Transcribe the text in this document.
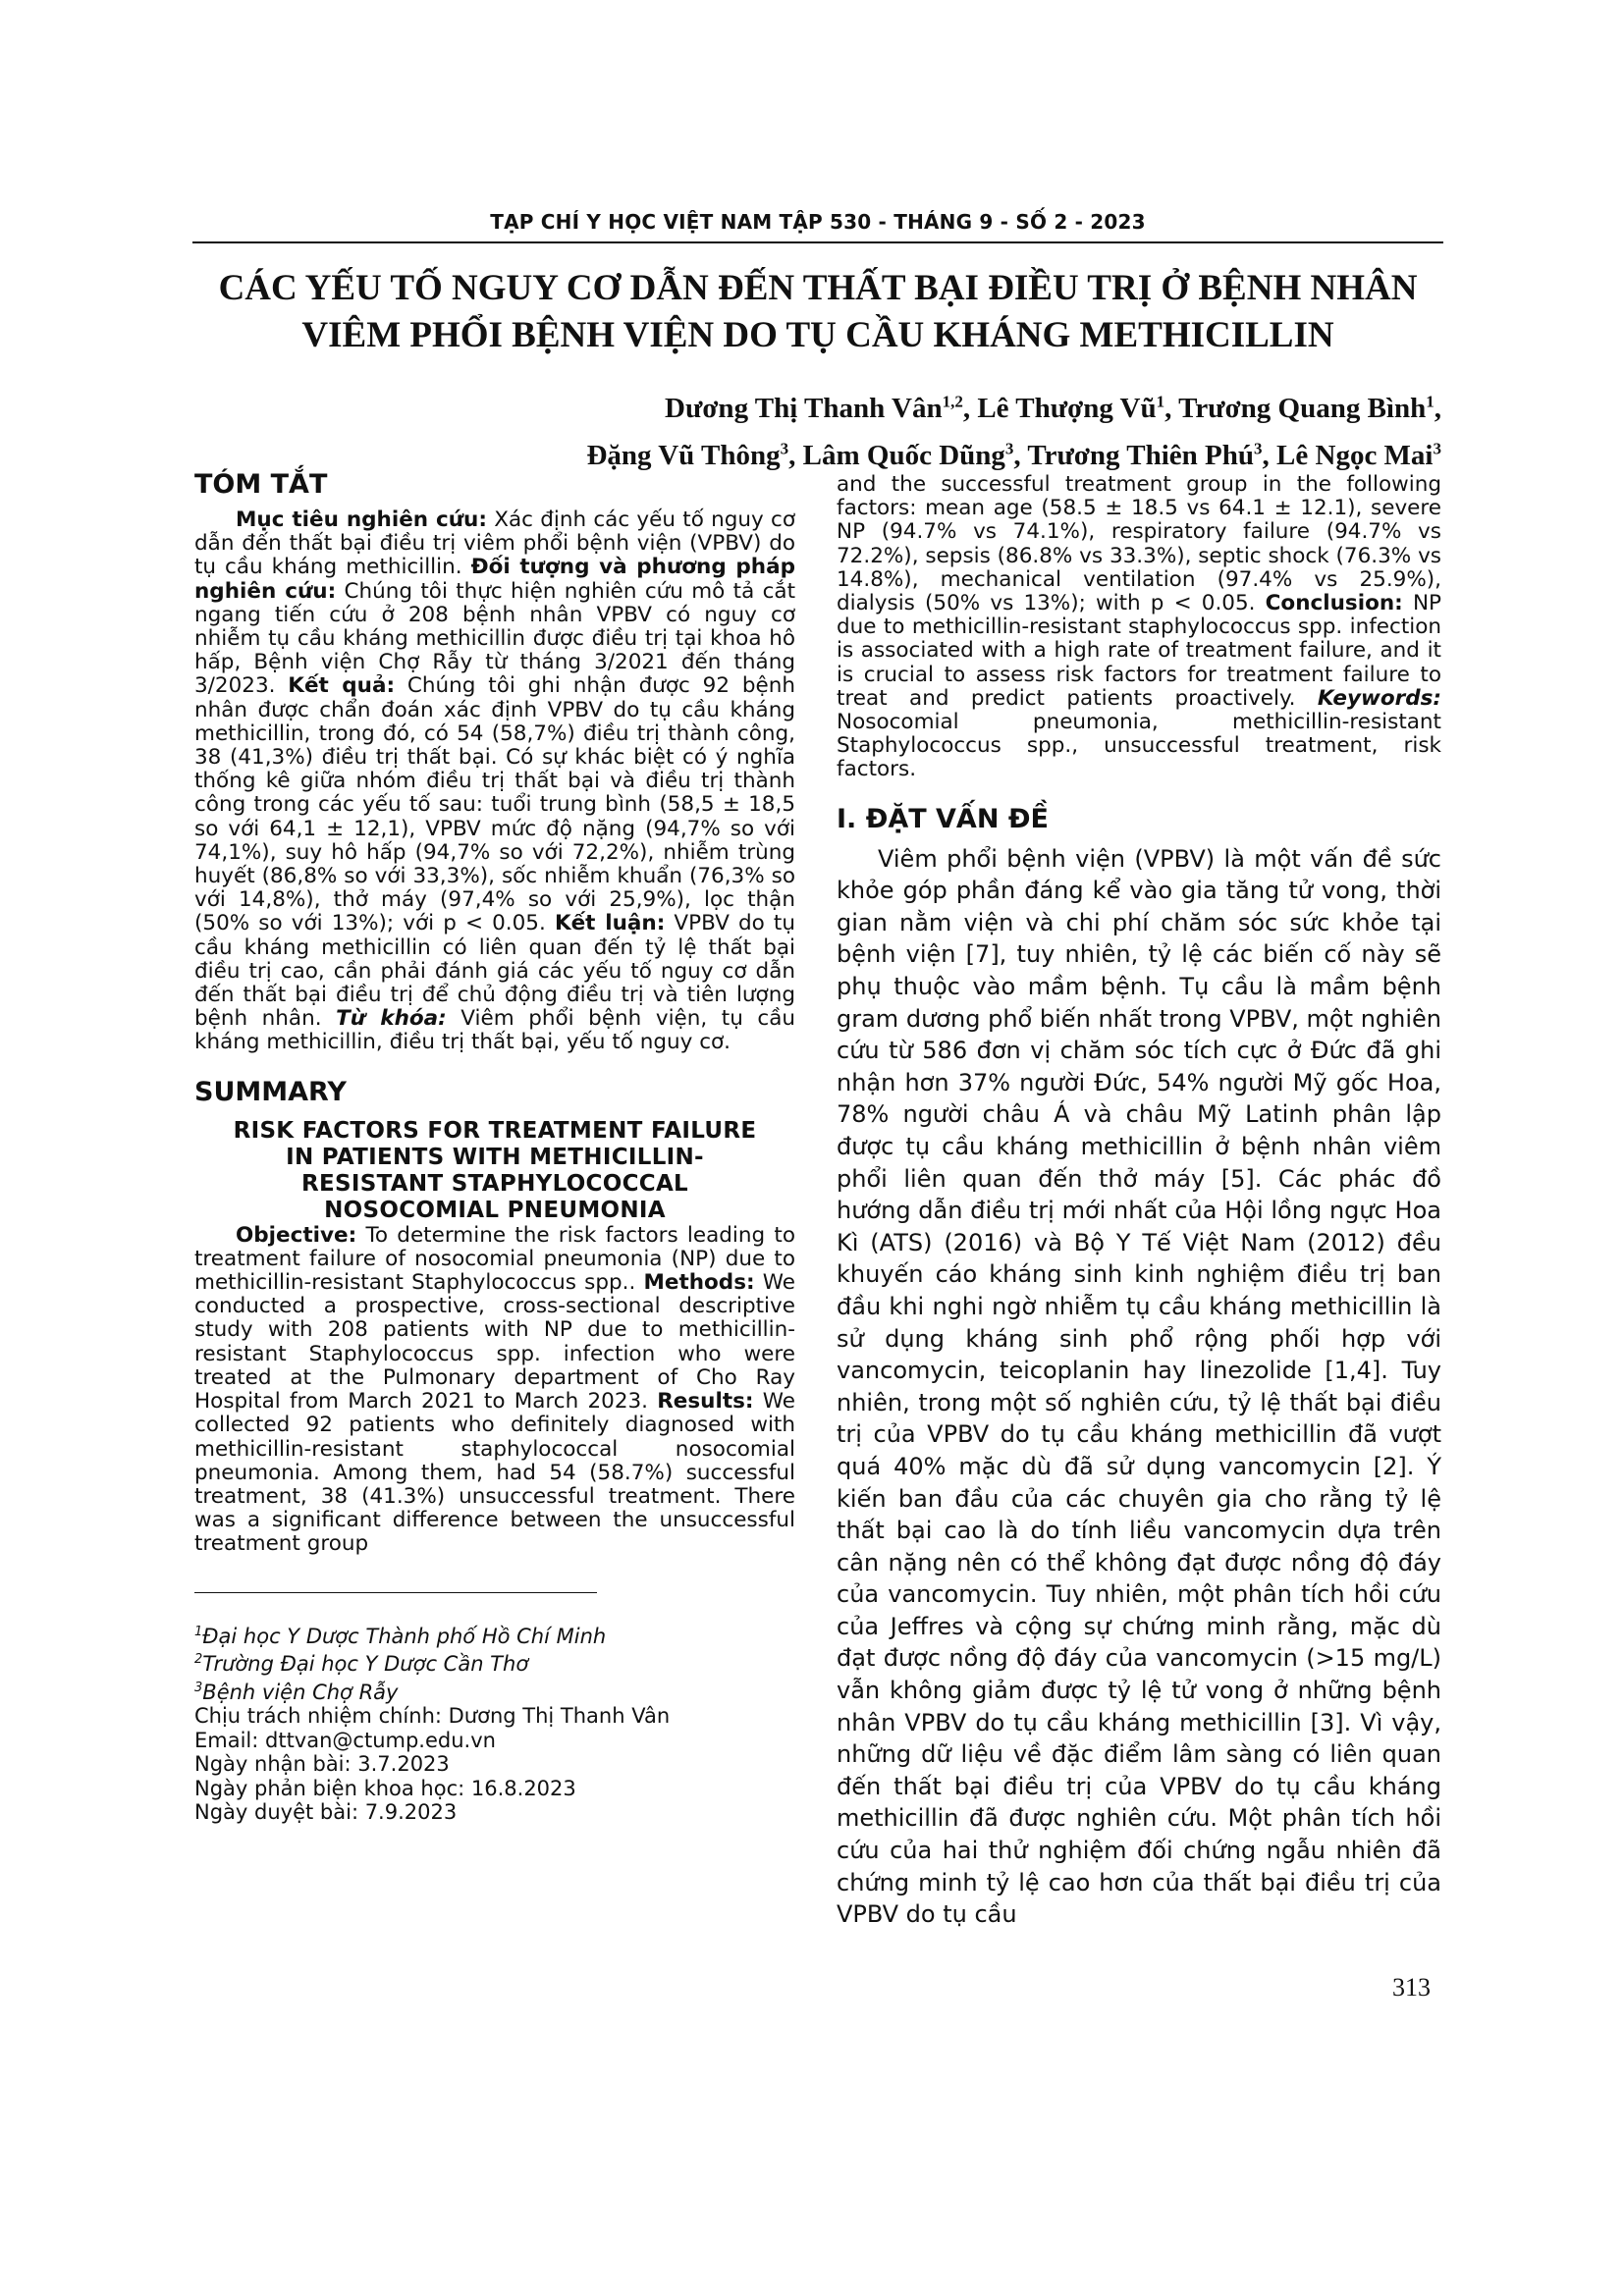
TẠP CHÍ Y HỌC VIỆT NAM TẬP 530 - THÁNG 9 - SỐ 2 - 2023
CÁC YẾU TỐ NGUY CƠ DẪN ĐẾN THẤT BẠI ĐIỀU TRỊ Ở BỆNH NHÂN
VIÊM PHỔI BỆNH VIỆN DO TỤ CẦU KHÁNG METHICILLIN
Dương Thị Thanh Vân$^{1,2}$, Lê Thượng $Vũ^1$, Trương Quang Bình$^1$,
Đặng Vũ Thông$^3$, Lâm Quốc Dũng$^3$, Trương Thiên Phú$^3$, Lê Ngọc Mai$^3$
TÓM TẮT

Mục tiêu nghiên cứu: Xác định các yếu tố nguy cơ dẫn đến thất bại điều trị viêm phổi bệnh viện (VPBV) do tụ cầu kháng methicillin. Đối tượng và phương pháp nghiên cứu: Chúng tôi thực hiện nghiên cứu mô tả cắt ngang tiến cứu ở 208 bệnh nhân VPBV có nguy cơ nhiễm tụ cầu kháng methicillin được điều trị tại khoa hô hấp, Bệnh viện Chợ Rẫy từ tháng 3/2021 đến tháng 3/2023. Kết quả: Chúng tôi ghi nhận được 92 bệnh nhân được chẩn đoán xác định VPBV do tụ cầu kháng methicillin, trong đó, có 54 (58,7%) điều trị thành công, 38 (41,3%) điều trị thất bại. Có sự khác biệt có ý nghĩa thống kê giữa nhóm điều trị thất bại và điều trị thành công trong các yếu tố sau: tuổi trung bình (58,5 ± 18,5 so với 64,1 ± 12,1), VPBV mức độ nặng (94,7% so với 74,1%), suy hô hấp (94,7% so với 72,2%), nhiễm trùng huyết (86,8% so với 33,3%), sốc nhiễm khuẩn (76,3% so với 14,8%), thở máy (97,4% so với 25,9%), lọc thận (50% so với 13%); với p < 0.05. Kết luận: VPBV do tụ cầu kháng methicillin có liên quan đến tỷ lệ thất bại điều trị cao, cần phải đánh giá các yếu tố nguy cơ dẫn đến thất bại điều trị để chủ động điều trị và tiên lượng bệnh nhân. Từ khóa: Viêm phổi bệnh viện, tụ cầu kháng methicillin, điều trị thất bại, yếu tố nguy cơ.

SUMMARY
RISK FACTORS FOR TREATMENT FAILURE
IN PATIENTS WITH METHICILLIN-
RESISTANT STAPHYLOCOCCAL
NOSOCOMIAL PNEUMONIA

Objective: To determine the risk factors leading to treatment failure of nosocomial pneumonia (NP) due to methicillin-resistant Staphylococcus spp.. Methods: We conducted a prospective, cross-sectional descriptive study with 208 patients with NP due to methicillin-resistant Staphylococcus spp. infection who were treated at the Pulmonary department of Cho Ray Hospital from March 2021 to March 2023. Results: We collected 92 patients who definitely diagnosed with methicillin-resistant staphylococcal nosocomial pneumonia. Among them, had 54 (58.7%) successful treatment, 38 (41.3%) unsuccessful treatment. There was a significant difference between the unsuccessful treatment group

$^1$Đại học Y Dược Thành phố Hồ Chí Minh
$^2$Trường Đại học Y Dược Cần Thơ
$^3$Bệnh viện Chợ Rẫy
Chịu trách nhiệm chính: Dương Thị Thanh Vân
Email: dttvan@ctump.edu.vn
Ngày nhận bài: 3.7.2023
Ngày phản biện khoa học: 16.8.2023
Ngày duyệt bài: 7.9.2023

and the successful treatment group in the following factors: mean age (58.5 ± 18.5 vs 64.1 ± 12.1), severe NP (94.7% vs 74.1%), respiratory failure (94.7% vs 72.2%), sepsis (86.8% vs 33.3%), septic shock (76.3% vs 14.8%), mechanical ventilation (97.4% vs 25.9%), dialysis (50% vs 13%); with p < 0.05. Conclusion: NP due to methicillin-resistant staphylococcus spp. infection is associated with a high rate of treatment failure, and it is crucial to assess risk factors for treatment failure to treat and predict patients proactively. Keywords: Nosocomial pneumonia, methicillin-resistant Staphylococcus spp., unsuccessful treatment, risk factors.

I. ĐẶT VẤN ĐỀ

Viêm phổi bệnh viện (VPBV) là một vấn đề sức khỏe góp phần đáng kể vào gia tăng tử vong, thời gian nằm viện và chi phí chăm sóc sức khỏe tại bệnh viện [7], tuy nhiên, tỷ lệ các biến cố này sẽ phụ thuộc vào mầm bệnh. Tụ cầu là mầm bệnh gram dương phổ biến nhất trong VPBV, một nghiên cứu từ 586 đơn vị chăm sóc tích cực ở Đức đã ghi nhận hơn 37% người Đức, 54% người Mỹ gốc Hoa, 78% người châu Á và châu Mỹ Latinh phân lập được tụ cầu kháng methicillin ở bệnh nhân viêm phổi liên quan đến thở máy [5]. Các phác đồ hướng dẫn điều trị mới nhất của Hội lồng ngực Hoa Kì (ATS) (2016) và Bộ Y Tế Việt Nam (2012) đều khuyến cáo kháng sinh kinh nghiệm điều trị ban đầu khi nghi ngờ nhiễm tụ cầu kháng methicillin là sử dụng kháng sinh phổ rộng phối hợp với vancomycin, teicoplanin hay linezolide [1,4]. Tuy nhiên, trong một số nghiên cứu, tỷ lệ thất bại điều trị của VPBV do tụ cầu kháng methicillin đã vượt quá 40% mặc dù đã sử dụng vancomycin [2]. Ý kiến ban đầu của các chuyên gia cho rằng tỷ lệ thất bại cao là do tính liều vancomycin dựa trên cân nặng nên có thể không đạt được nồng độ đáy của vancomycin. Tuy nhiên, một phân tích hồi cứu của Jeffres và cộng sự chứng minh rằng, mặc dù đạt được nồng độ đáy của vancomycin (>15 mg/L) vẫn không giảm được tỷ lệ tử vong ở những bệnh nhân VPBV do tụ cầu kháng methicillin [3]. Vì vậy, những dữ liệu về đặc điểm lâm sàng có liên quan đến thất bại điều trị của VPBV do tụ cầu kháng methicillin đã được nghiên cứu. Một phân tích hồi cứu của hai thử nghiệm đối chứng ngẫu nhiên đã chứng minh tỷ lệ cao hơn của thất bại điều trị của VPBV do tụ cầu

313
